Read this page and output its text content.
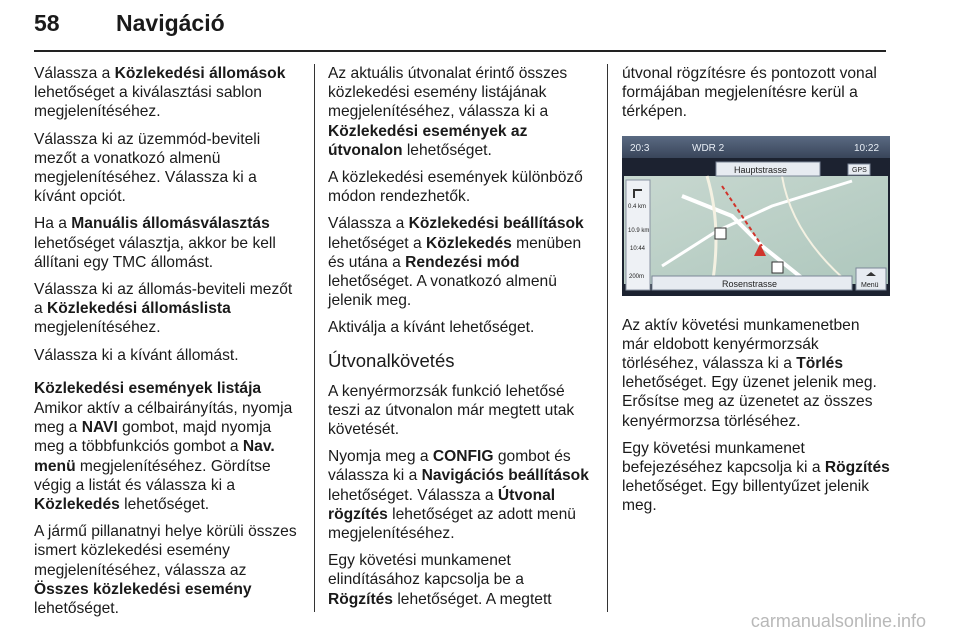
58 Navigáció

Válassza a Közlekedési állomások lehetőséget a kiválasztási sablon megjelenítéséhez.

Válassza ki az üzemmód-beviteli mezőt a vonatkozó almenü megjelenítéséhez. Válassza ki a kívánt opciót.

Ha a Manuális állomásválasztás lehetőséget választja, akkor be kell állítani egy TMC állomást.

Válassza ki az állomás-beviteli mezőt a Közlekedési állomáslista megjelenítéséhez.

Válassza ki a kívánt állomást.

Közlekedési események listája

Amikor aktív a célbairányítás, nyomja meg a NAVI gombot, majd nyomja meg a többfunkciós gombot a Nav. menü megjelenítéséhez. Gördítse végig a listát és válassza ki a Közlekedés lehetőséget.

A jármű pillanatnyi helye körüli összes ismert közlekedési esemény megjelenítéséhez, válassza az Összes közlekedési esemény lehetőséget.

Az aktuális útvonalat érintő összes közlekedési esemény listájának megjelenítéséhez, válassza ki a Közlekedési események az útvonalon lehetőséget.

A közlekedési események különböző módon rendezhetők.

Válassza a Közlekedési beállítások lehetőséget a Közlekedés menüben és utána a Rendezési mód lehetőséget. A vonatkozó almenü jelenik meg.

Aktiválja a kívánt lehetőséget.

Útvonalkövetés

A kenyérmorzsák funkció lehetősé teszi az útvonalon már megtett utak követését.

Nyomja meg a CONFIG gombot és válassza ki a Navigációs beállítások lehetőséget. Válassza a Útvonal rögzítés lehetőséget az adott menü megjelenítéséhez.

Egy követési munkamenet elindításához kapcsolja be a Rögzítés lehetőséget. A megtett

útvonal rögzítésre és pontozott vonal formájában megjelenítésre kerül a térképen.

20:3	WDR 2	10:22
Hauptstrasse	GPS
0.4 km
10.9 km
10:44
200m
Rosenstrasse	Menü

Az aktív követési munkamenetben már eldobott kenyérmorzsák törléséhez, válassza ki a Törlés lehetőséget. Egy üzenet jelenik meg. Erősítse meg az üzenetet az összes kenyérmorzsa törléséhez.

Egy követési munkamenet befejezéséhez kapcsolja ki a Rögzítés lehetőséget. Egy billentyűzet jelenik meg.

carmanualsonline.info
